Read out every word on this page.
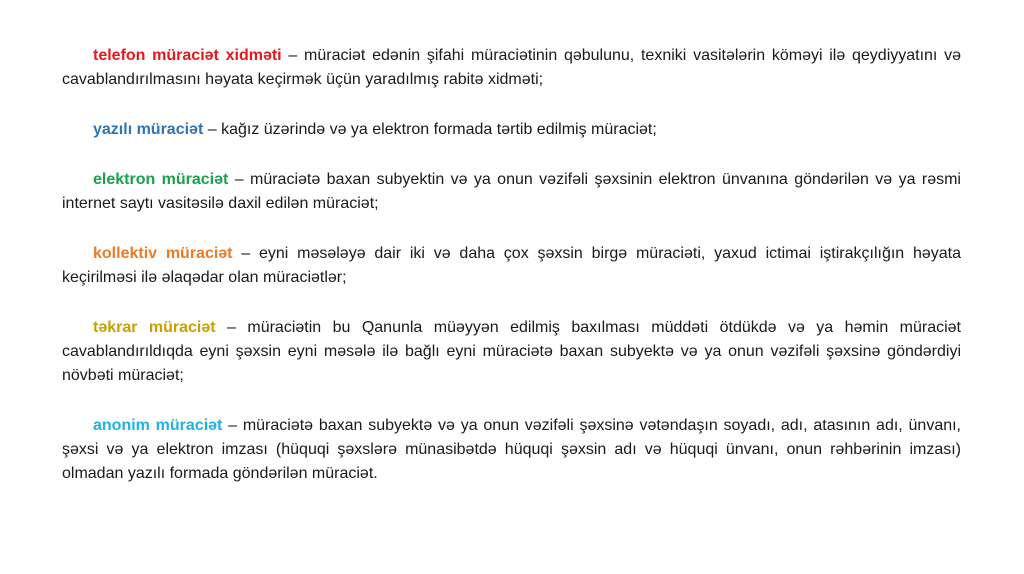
telefon müraciət xidməti – müraciət edənin şifahi müraciətinin qəbulunu, texniki vasitələrin köməyi ilə qeydiyyatını və cavablandırılmasını həyata keçirmək üçün yaradılmış rabitə xidməti;

yazılı müraciət – kağız üzərində və ya elektron formada tərtib edilmiş müraciət;

elektron müraciət – müraciətə baxan subyektin və ya onun vəzifəli şəxsinin elektron ünvanına göndərilən və ya rəsmi internet saytı vasitəsilə daxil edilən müraciət;

kollektiv müraciət – eyni məsələyə dair iki və daha çox şəxsin birgə müraciəti, yaxud ictimai iştirakçılığın həyata keçirilməsi ilə əlaqədar olan müraciətlər;

təkrar müraciət – müraciətin bu Qanunla müəyyən edilmiş baxılması müddəti ötdükdə və ya həmin müraciət cavablandırıldıqda eyni şəxsin eyni məsələ ilə bağlı eyni müraciətə baxan subyektə və ya onun vəzifəli şəxsinə göndərdiyi növbəti müraciət;

anonim müraciət – müraciətə baxan subyektə və ya onun vəzifəli şəxsinə vətəndaşın soyadı, adı, atasının adı, ünvanı, şəxsi və ya elektron imzası (hüquqi şəxslərə münasibətdə hüquqi şəxsin adı və hüquqi ünvanı, onun rəhbərinin imzası) olmadan yazılı formada göndərilən müraciət.
